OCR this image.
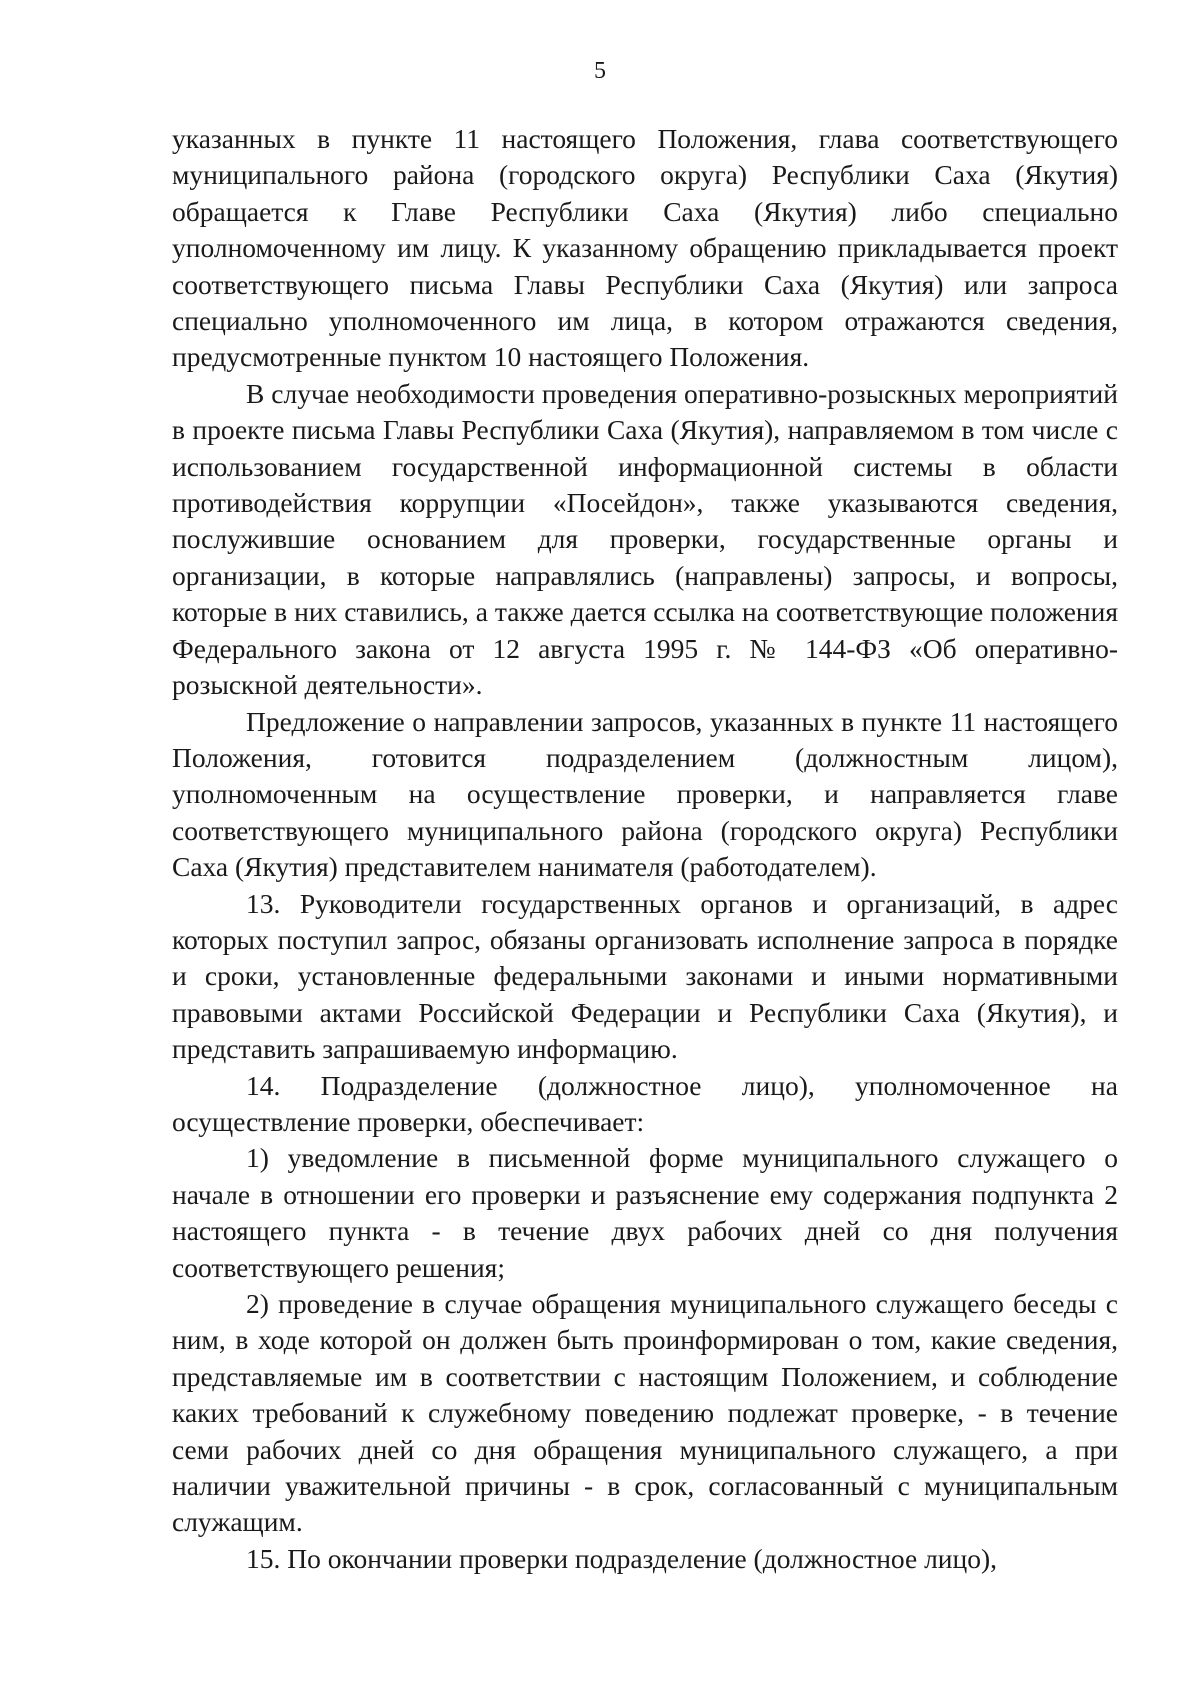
5

указанных в пункте 11 настоящего Положения, глава соответствующего муниципального района (городского округа) Республики Саха (Якутия) обращается к Главе Республики Саха (Якутия) либо специально уполномоченному им лицу. К указанному обращению прикладывается проект соответствующего письма Главы Республики Саха (Якутия) или запроса специально уполномоченного им лица, в котором отражаются сведения, предусмотренные пунктом 10 настоящего Положения.

В случае необходимости проведения оперативно-розыскных мероприятий в проекте письма Главы Республики Саха (Якутия), направляемом в том числе с использованием государственной информационной системы в области противодействия коррупции «Посейдон», также указываются сведения, послужившие основанием для проверки, государственные органы и организации, в которые направлялись (направлены) запросы, и вопросы, которые в них ставились, а также дается ссылка на соответствующие положения Федерального закона от 12 августа 1995 г. № 144-ФЗ «Об оперативно-розыскной деятельности».

Предложение о направлении запросов, указанных в пункте 11 настоящего Положения, готовится подразделением (должностным лицом), уполномоченным на осуществление проверки, и направляется главе соответствующего муниципального района (городского округа) Республики Саха (Якутия) представителем нанимателя (работодателем).

13. Руководители государственных органов и организаций, в адрес которых поступил запрос, обязаны организовать исполнение запроса в порядке и сроки, установленные федеральными законами и иными нормативными правовыми актами Российской Федерации и Республики Саха (Якутия), и представить запрашиваемую информацию.

14. Подразделение (должностное лицо), уполномоченное на осуществление проверки, обеспечивает:

1) уведомление в письменной форме муниципального служащего о начале в отношении его проверки и разъяснение ему содержания подпункта 2 настоящего пункта - в течение двух рабочих дней со дня получения соответствующего решения;

2) проведение в случае обращения муниципального служащего беседы с ним, в ходе которой он должен быть проинформирован о том, какие сведения, представляемые им в соответствии с настоящим Положением, и соблюдение каких требований к служебному поведению подлежат проверке, - в течение семи рабочих дней со дня обращения муниципального служащего, а при наличии уважительной причины - в срок, согласованный с муниципальным служащим.

15. По окончании проверки подразделение (должностное лицо),
